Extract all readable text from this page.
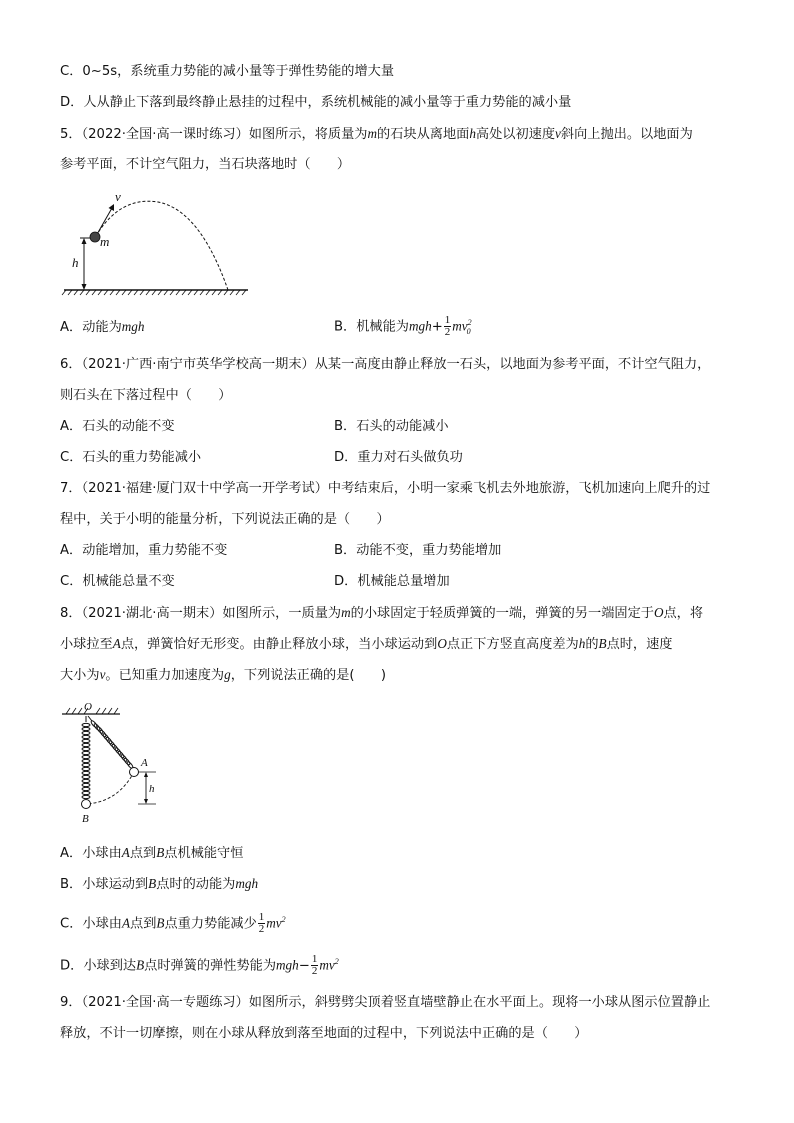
C．0~5s，系统重力势能的减小量等于弹性势能的增大量
D．人从静止下落到最终静止悬挂的过程中，系统机械能的减小量等于重力势能的减小量
5．（2022·全国·高一课时练习）如图所示，将质量为m的石块从离地面h高处以初速度v斜向上抛出。以地面为
参考平面，不计空气阻力，当石块落地时（　　）
h
v
m
A．动能为mgh	B．机械能为$mgh+ \frac{1}{2} mv^2_0$
6．（2021·广西·南宁市英华学校高一期末）从某一高度由静止释放一石头，以地面为参考平面，不计空气阻力，
则石头在下落过程中（　　）
A．石头的动能不变	B．石头的动能减小
C．石头的重力势能减小	D．重力对石头做负功
7．（2021·福建·厦门双十中学高一开学考试）中考结束后，小明一家乘飞机去外地旅游，飞机加速向上爬升的过
程中，关于小明的能量分析，下列说法正确的是（　　）
A．动能增加，重力势能不变	B．动能不变，重力势能增加
C．机械能总量不变	D．机械能总量增加
8．（2021·湖北·高一期末）如图所示，一质量为m的小球固定于轻质弹簧的一端，弹簧的另一端固定于O点，将
小球拉至A点，弹簧恰好无形变。由静止释放小球，当小球运动到O点正下方竖直高度差为h的B点时，速度
大小为v。已知重力加速度为g，下列说法正确的是(　　)
O
A
B
h
A．小球由A点到B点机械能守恒
B．小球运动到B点时的动能为mgh
C．小球由A点到B点重力势能减少 $\frac{1}{2} mv^2$
D．小球到达B点时弹簧的弹性势能为$mgh- \frac{1}{2} mv^2$
9．（2021·全国·高一专题练习）如图所示，斜劈劈尖顶着竖直墙壁静止在水平面上。现将一小球从图示位置静止
释放，不计一切摩擦，则在小球从释放到落至地面的过程中，下列说法中正确的是（　　）
